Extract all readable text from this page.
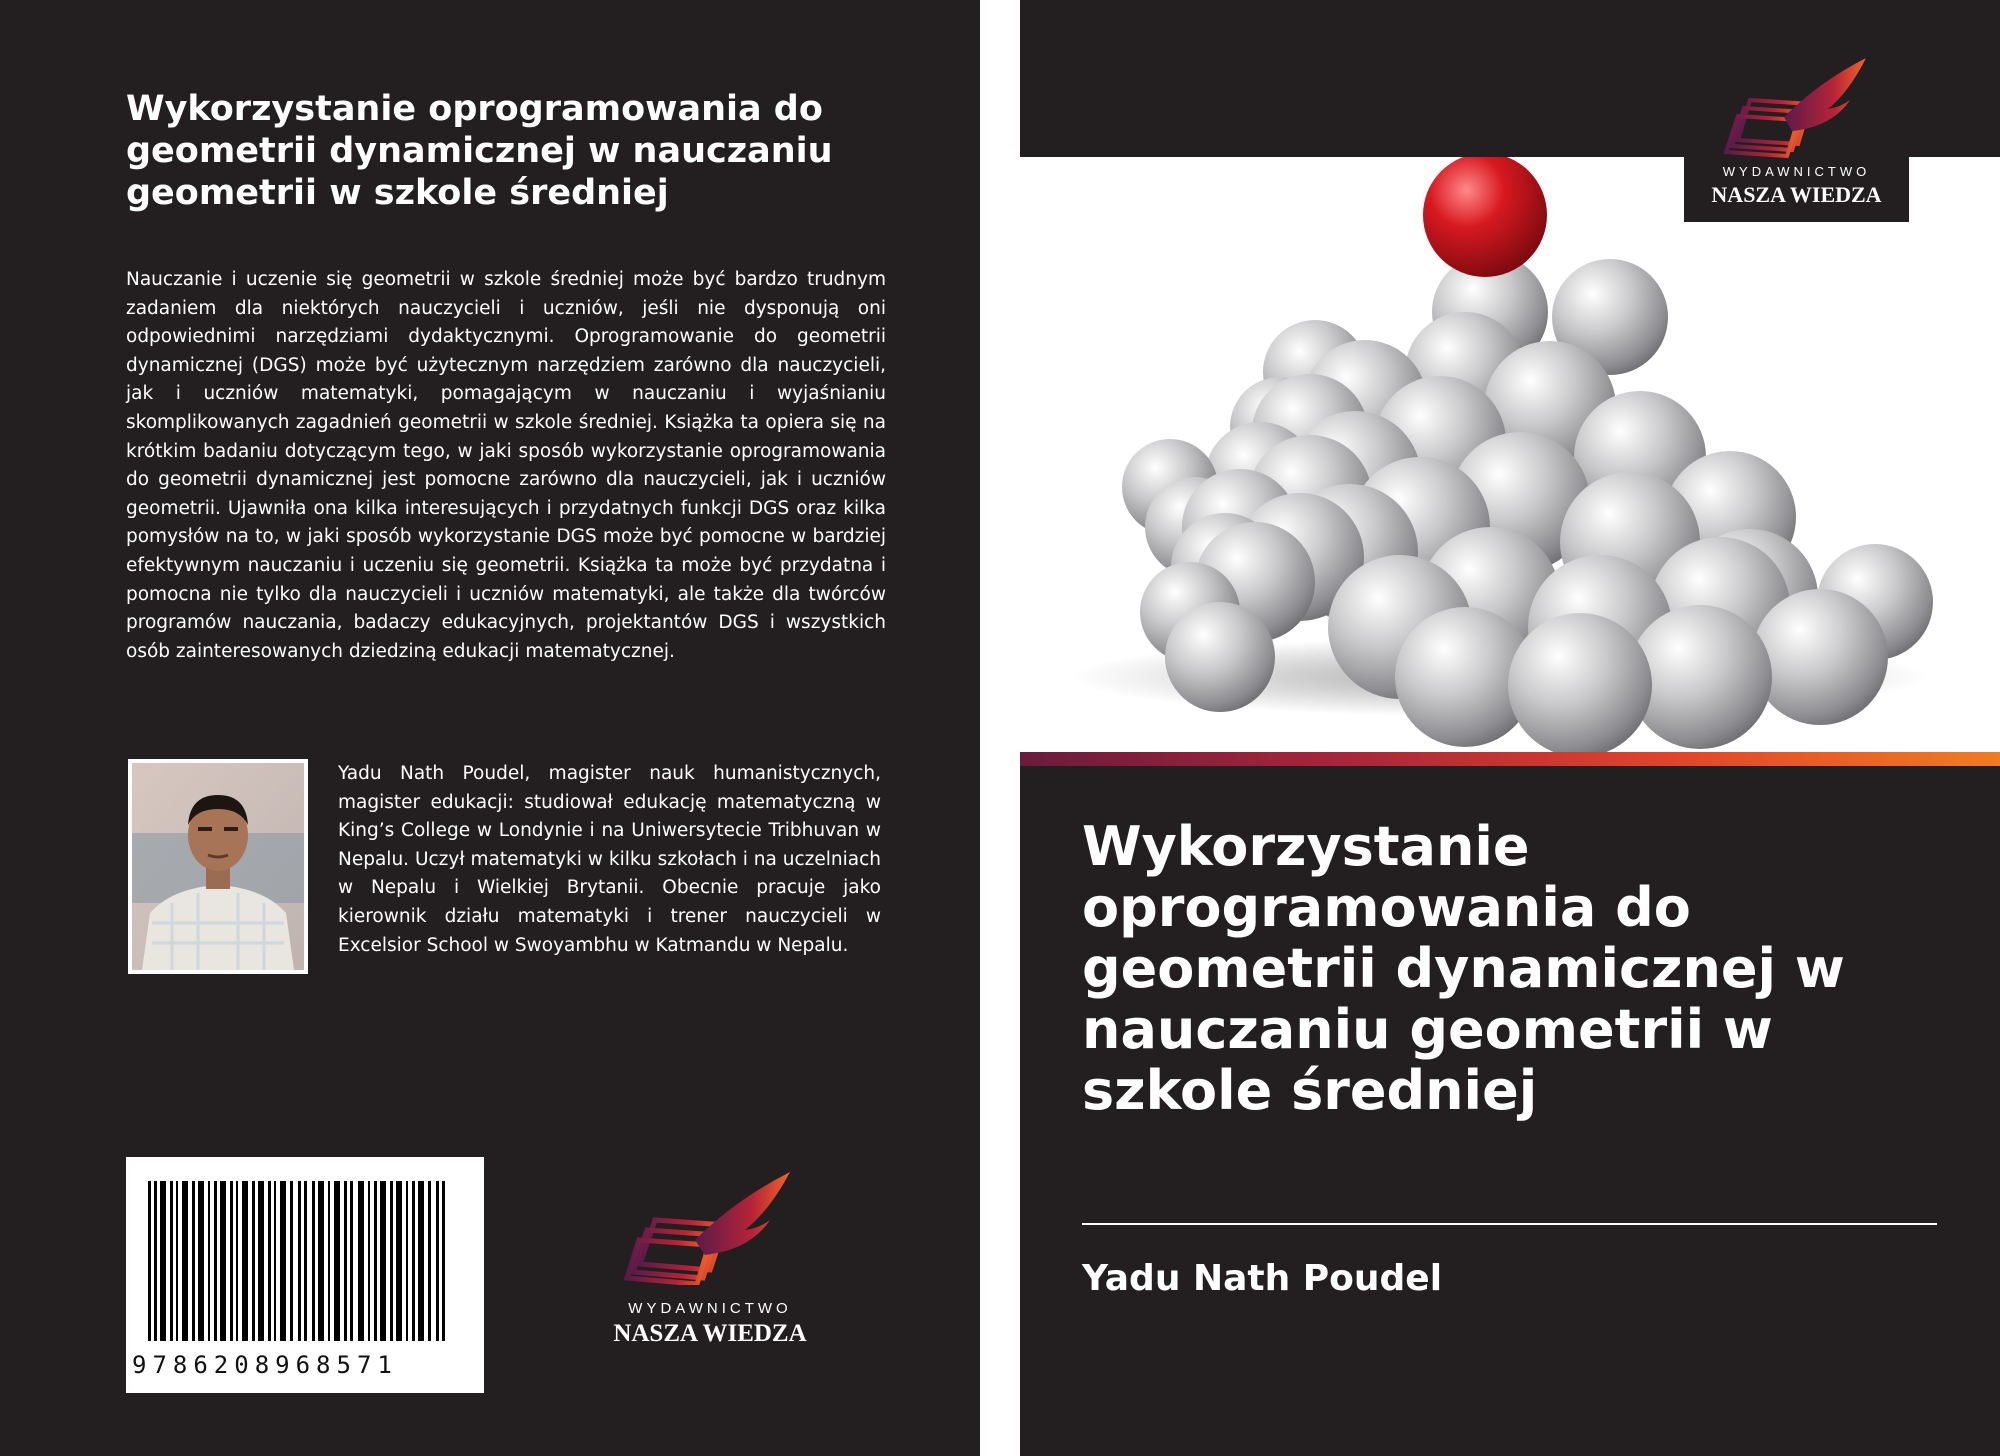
Wykorzystanie oprogramowania do geometrii dynamicznej w nauczaniu geometrii w szkole średniej
Nauczanie i uczenie się geometrii w szkole średniej może być bardzo trudnym zadaniem dla niektórych nauczycieli i uczniów, jeśli nie dysponują oni odpowiednimi narzędziami dydaktycznymi. Oprogramowanie do geometrii dynamicznej (DGS) może być użytecznym narzędziem zarówno dla nauczycieli, jak i uczniów matematyki, pomagającym w nauczaniu i wyjaśnianiu skomplikowanych zagadnień geometrii w szkole średniej. Książka ta opiera się na krótkim badaniu dotyczącym tego, w jaki sposób wykorzystanie oprogramowania do geometrii dynamicznej jest pomocne zarówno dla nauczycieli, jak i uczniów geometrii. Ujawniła ona kilka interesujących i przydatnych funkcji DGS oraz kilka pomysłów na to, w jaki sposób wykorzystanie DGS może być pomocne w bardziej efektywnym nauczaniu i uczeniu się geometrii. Książka ta może być przydatna i pomocna nie tylko dla nauczycieli i uczniów matematyki, ale także dla twórców programów nauczania, badaczy edukacyjnych, projektantów DGS i wszystkich osób zainteresowanych dziedziną edukacji matematycznej.
Yadu Nath Poudel, magister nauk humanistycznych, magister edukacji: studiował edukację matematyczną w King’s College w Londynie i na Uniwersytecie Tribhuvan w Nepalu. Uczył matematyki w kilku szkołach i na uczelniach w Nepalu i Wielkiej Brytanii. Obecnie pracuje jako kierownik działu matematyki i trener nauczycieli w Excelsior School w Swoyambhu w Katmandu w Nepalu.
9786208968571
WYDAWNICTWO
NASZA WIEDZA
WYDAWNICTWO
NASZA WIEDZA
Wykorzystanie oprogramowania do geometrii dynamicznej w nauczaniu geometrii w szkole średniej
Yadu Nath Poudel
